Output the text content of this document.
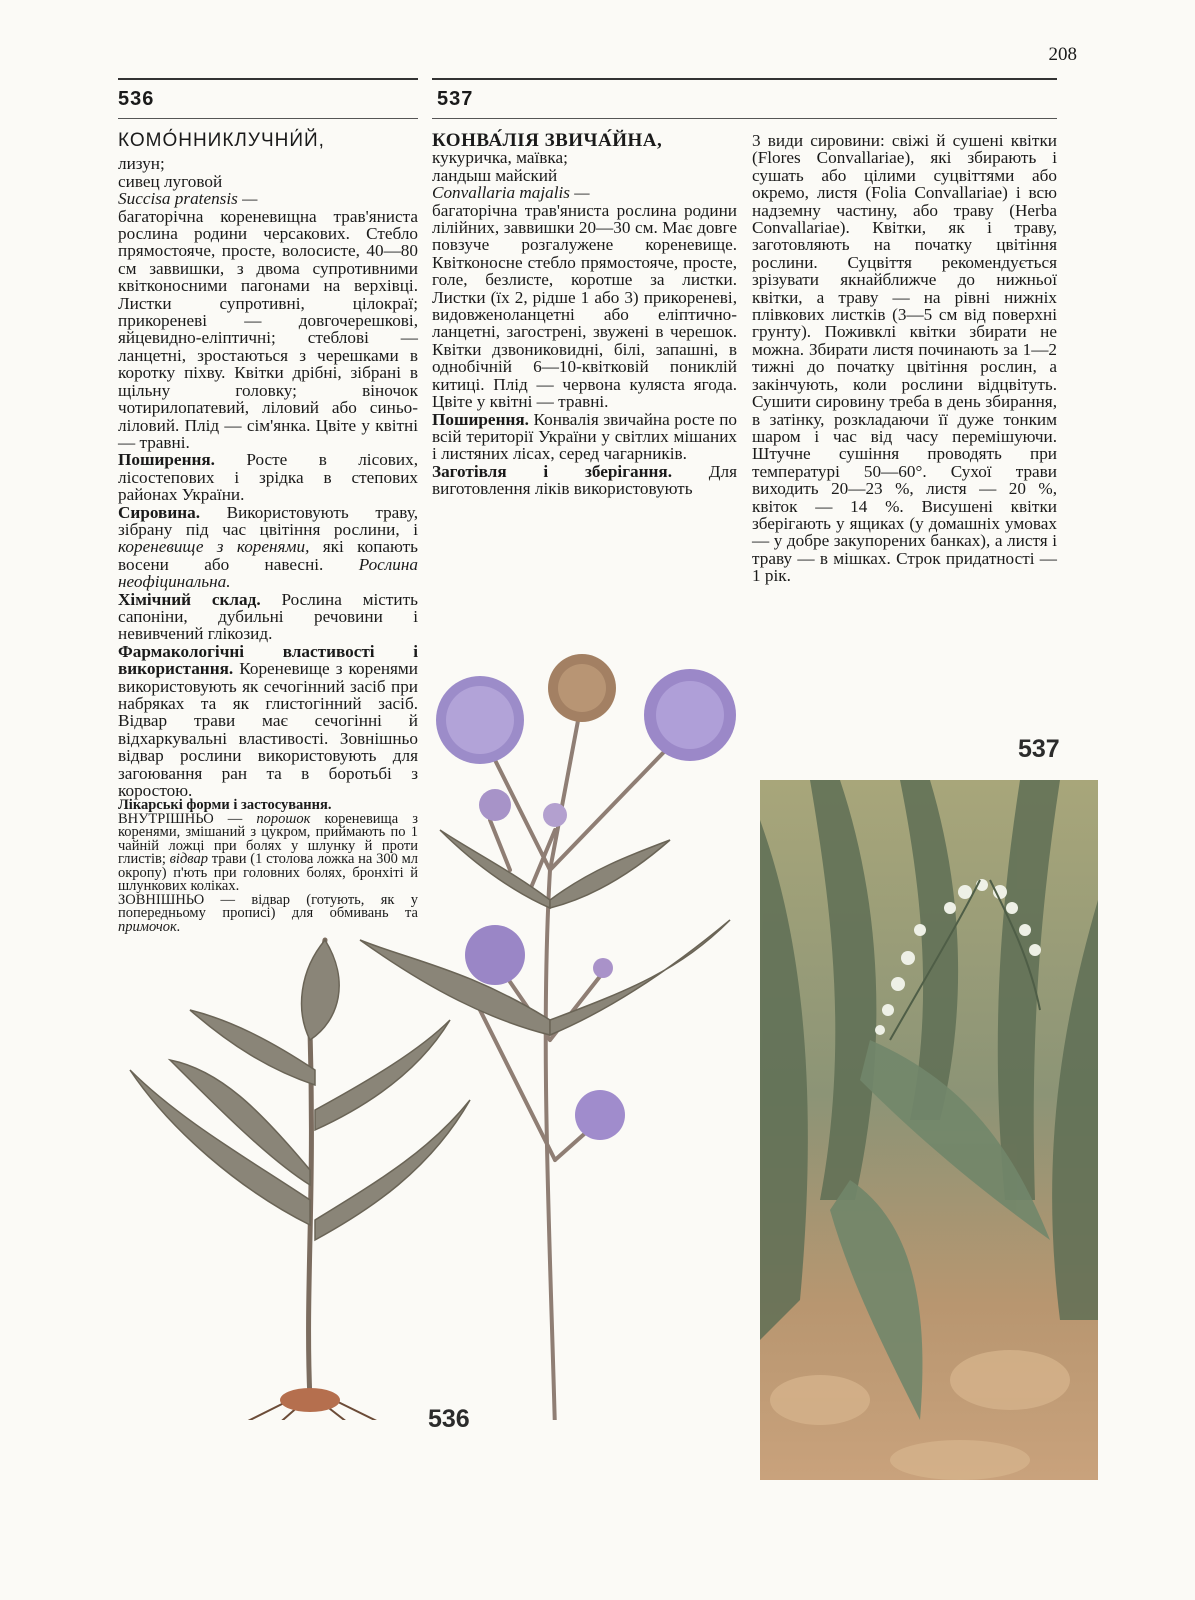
208
536	537

КОМО́ННИКЛУЧНИ́Й,

лизун;

сивец луговой

Succisa pratensis —

багаторічна кореневищна трав'яниста рослина родини черсакових. Стебло прямостояче, просте, волосисте, 40—80 см заввишки, з двома супротивними квітконосними пагонами на верхівці. Листки супротивні, цілокраї; прикореневі — довгочерешкові, яйцевидно-еліптичні; стеблові — ланцетні, зростаються з черешками в коротку піхву. Квітки дрібні, зібрані в щільну головку; віночок чотирилопатевий, ліловий або синьо-ліловий. Плід — сім'янка. Цвіте у квітні — травні.

Поширення. Росте в лісових, лісостепових і зрідка в степових районах України.

Сировина. Використовують траву, зібрану під час цвітіння рослини, і кореневище з коренями, які копають восени або навесні. Рослина неофіцинальна.

Хімічний склад. Рослина містить сапоніни, дубильні речовини і невивчений глікозид.

Фармакологічні властивості і використання. Кореневище з коренями використовують як сечогінний засіб при набряках та як глистогінний засіб. Відвар трави має сечогінні й відхаркувальні властивості. Зовнішньо відвар рослини використовують для загоювання ран та в боротьбі з коростою.

Лікарські форми і застосування.

ВНУТРІШНЬО — порошок кореневища з коренями, змішаний з цукром, приймають по 1 чайній ложці при болях у шлунку й проти глистів; відвар трави (1 столова ложка на 300 мл окропу) п'ють при головних болях, бронхіті й шлункових коліках.

ЗОВНІШНЬО — відвар (готують, як у попередньому прописі) для обмивань та примочок.

КОНВА́ЛІЯ ЗВИЧА́ЙНА,

кукуричка, маївка;

ландыш майский

Convallaria majalis —

багаторічна трав'яниста рослина родини лілійних, заввишки 20—30 см. Має довге повзуче розгалужене кореневище. Квітконосне стебло прямостояче, просте, голе, безлисте, коротше за листки. Листки (їх 2, рідше 1 або 3) прикореневі, видовженоланцетні або еліптично-ланцетні, загострені, звужені в черешок. Квітки дзвониковидні, білі, запашні, в однобічній 6—10-квітковій пониклій китиці. Плід — червона куляста ягода. Цвіте у квітні — травні.

Поширення. Конвалія звичайна росте по всій території України у світлих мішаних і листяних лісах, серед чагарників.

Заготівля і зберігання. Для виготовлення ліків використовують

3 види сировини: свіжі й сушені квітки (Flores Convallariae), які збирають і сушать або цілими суцвіттями або окремо, листя (Folia Convallariae) і всю надземну частину, або траву (Herba Convallariae). Квітки, як і траву, заготовляють на початку цвітіння рослини. Суцвіття рекомендується зрізувати якнайближче до нижньої квітки, а траву — на рівні нижніх плівкових листків (3—5 см від поверхні грунту). Поживклі квітки збирати не можна. Збирати листя починають за 1—2 тижні до початку цвітіння рослин, а закінчують, коли рослини відцвітуть. Сушити сировину треба в день збирання, в затінку, розкладаючи її дуже тонким шаром і час від часу перемішуючи. Штучне сушіння проводять при температурі 50—60°. Сухої трави виходить 20—23 %, листя — 20 %, квіток — 14 %. Висушені квітки зберігають у ящиках (у домашніх умовах — у добре закупорених банках), а листя і траву — в мішках. Строк придатності — 1 рік.

536
537
